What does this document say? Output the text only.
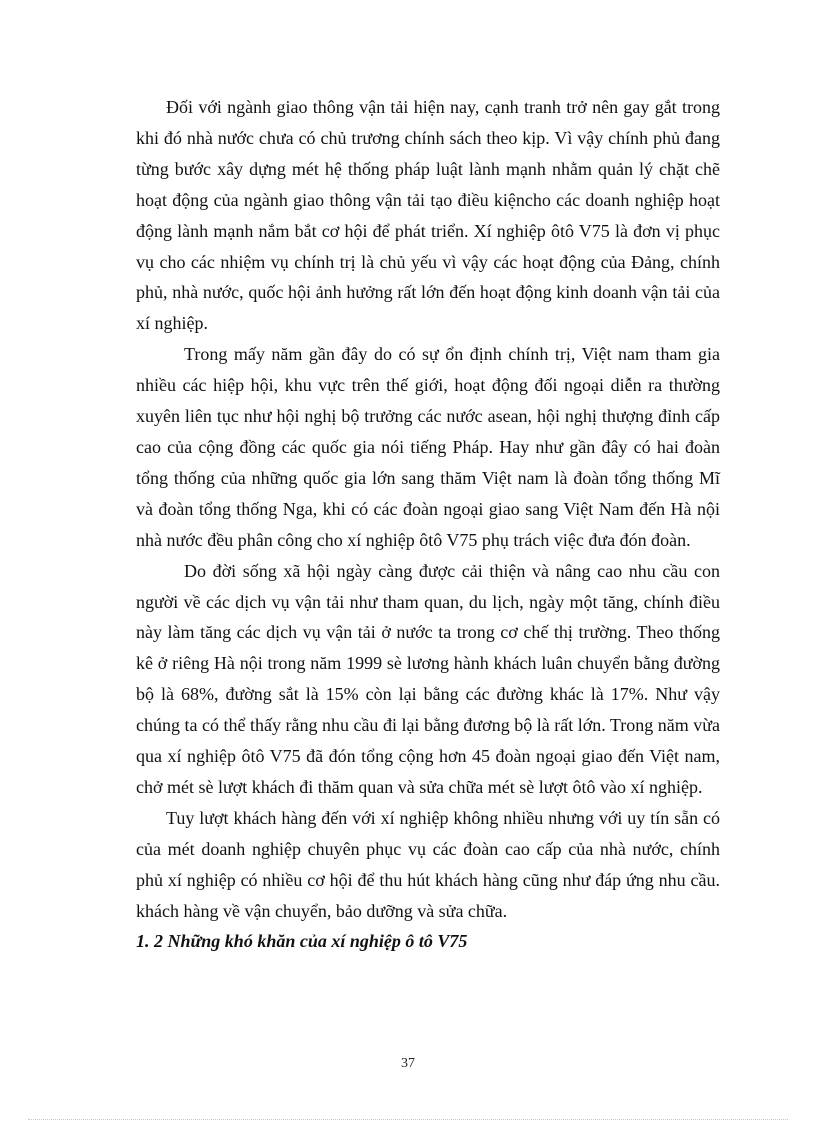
Đối với ngành giao thông vận tải hiện nay, cạnh tranh trở nên gay gắt trong khi đó nhà nước chưa có chủ trương chính sách theo kịp. Vì vậy chính phủ đang từng bước xây dựng mét hệ thống pháp luật lành mạnh nhằm quản lý chặt chẽ hoạt động của ngành giao thông vận tải tạo điều kiệncho các doanh nghiệp hoạt động lành mạnh nắm bắt cơ hội để phát triển. Xí nghiệp ôtô V75 là đơn vị phục vụ cho các nhiệm vụ chính trị là chủ yếu vì vậy các hoạt động của Đảng, chính phủ, nhà nước, quốc hội ảnh hưởng rất lớn đến hoạt động kinh doanh vận tải của xí nghiệp.

Trong mấy năm gần đây do có sự ổn định chính trị, Việt nam tham gia nhiều các hiệp hội, khu vực trên thế giới, hoạt động đối ngoại diễn ra thường xuyên liên tục như hội nghị bộ trưởng các nước asean, hội nghị thượng đỉnh cấp cao của cộng đồng các quốc gia nói tiếng Pháp. Hay như gần đây có hai đoàn tổng thống của những quốc gia lớn sang thăm Việt nam là đoàn tổng thống Mĩ và đoàn tổng thống Nga, khi có các đoàn ngoại giao sang Việt Nam đến Hà nội nhà nước đều phân công cho xí nghiệp ôtô V75 phụ trách việc đưa đón đoàn.

Do đời sống xã hội ngày càng được cải thiện và nâng cao nhu cầu con người về các dịch vụ vận tải như tham quan, du lịch, ngày một tăng, chính điều này làm tăng các dịch vụ vận tải ở nước ta trong cơ chế thị trường. Theo thống kê ở riêng Hà nội trong năm 1999 sè lương hành khách luân chuyển bằng đường bộ là 68%, đường sắt là 15% còn lại bằng các đường khác là 17%. Như vậy chúng ta có thể thấy rằng nhu cầu đi lại bằng đương bộ là rất lớn. Trong năm vừa qua xí nghiệp ôtô V75 đã đón tổng cộng hơn 45 đoàn ngoại giao đến Việt nam, chở mét sè lượt khách đi thăm quan và sửa chữa mét sè lượt ôtô vào xí nghiệp.

Tuy lượt khách hàng đến với xí nghiệp không nhiều nhưng với uy tín sẵn có của mét doanh nghiệp chuyên phục vụ các đoàn cao cấp của nhà nước, chính phủ xí nghiệp có nhiều cơ hội để thu hút khách hàng cũng như đáp ứng nhu cầu. khách hàng về vận chuyển, bảo dưỡng và sửa chữa.

1. 2 Những khó khăn của xí nghiệp ô tô V75

37
